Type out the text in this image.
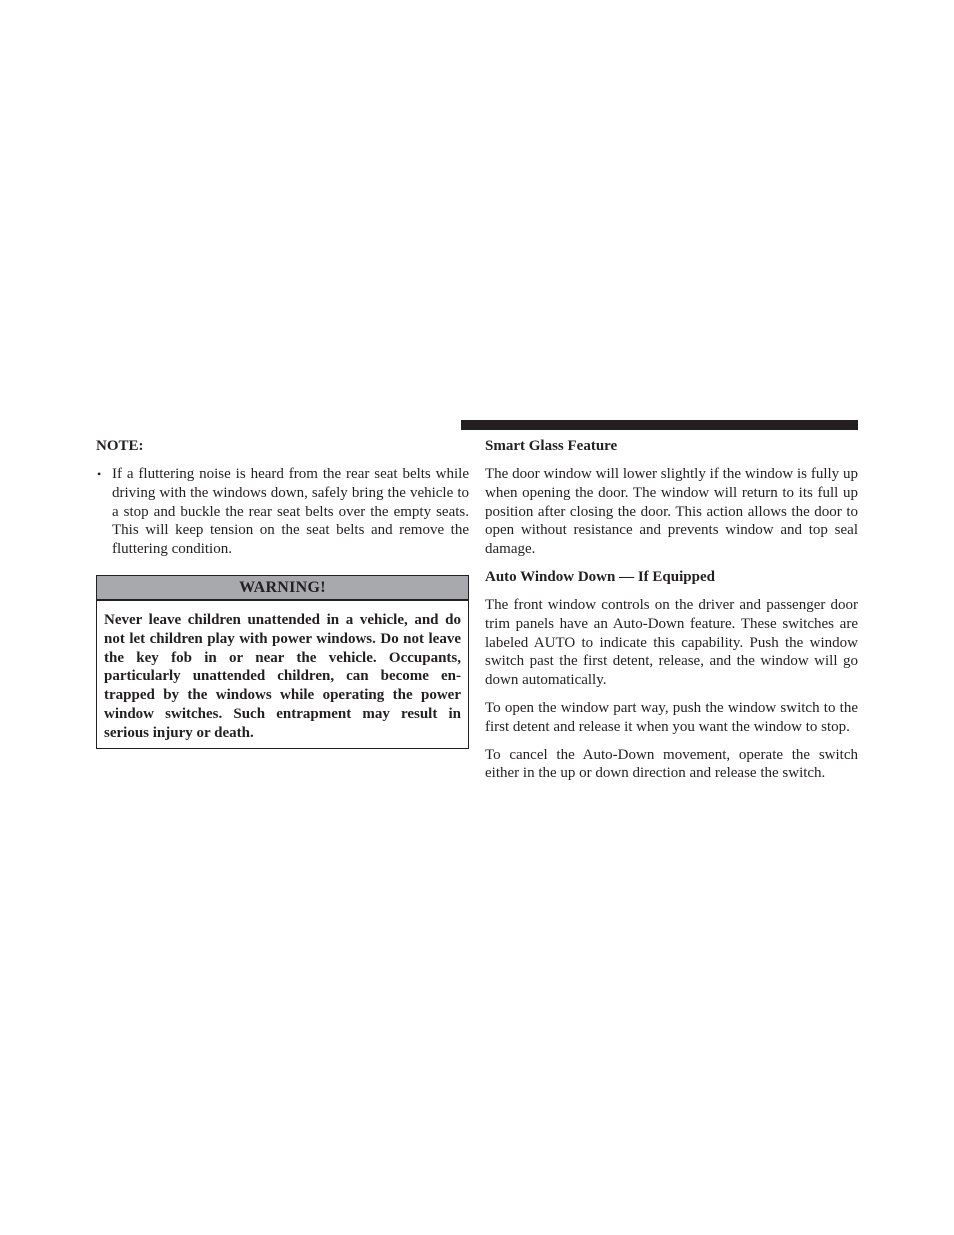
NOTE:
• If a fluttering noise is heard from the rear seat belts while driving with the windows down, safely bring the vehicle to a stop and buckle the rear seat belts over the empty seats. This will keep tension on the seat belts and remove the fluttering condition.
WARNING!
Never leave children unattended in a vehicle, and do not let children play with power windows. Do not leave the key fob in or near the vehicle. Occupants, particularly unattended children, can become en-trapped by the windows while operating the power window switches. Such entrapment may result in serious injury or death.
Smart Glass Feature

The door window will lower slightly if the window is fully up when opening the door. The window will return to its full up position after closing the door. This action allows the door to open without resistance and prevents window and top seal damage.

Auto Window Down — If Equipped

The front window controls on the driver and passenger door trim panels have an Auto-Down feature. These switches are labeled AUTO to indicate this capability. Push the window switch past the first detent, release, and the window will go down automatically.

To open the window part way, push the window switch to the first detent and release it when you want the window to stop.

To cancel the Auto-Down movement, operate the switch either in the up or down direction and release the switch.
